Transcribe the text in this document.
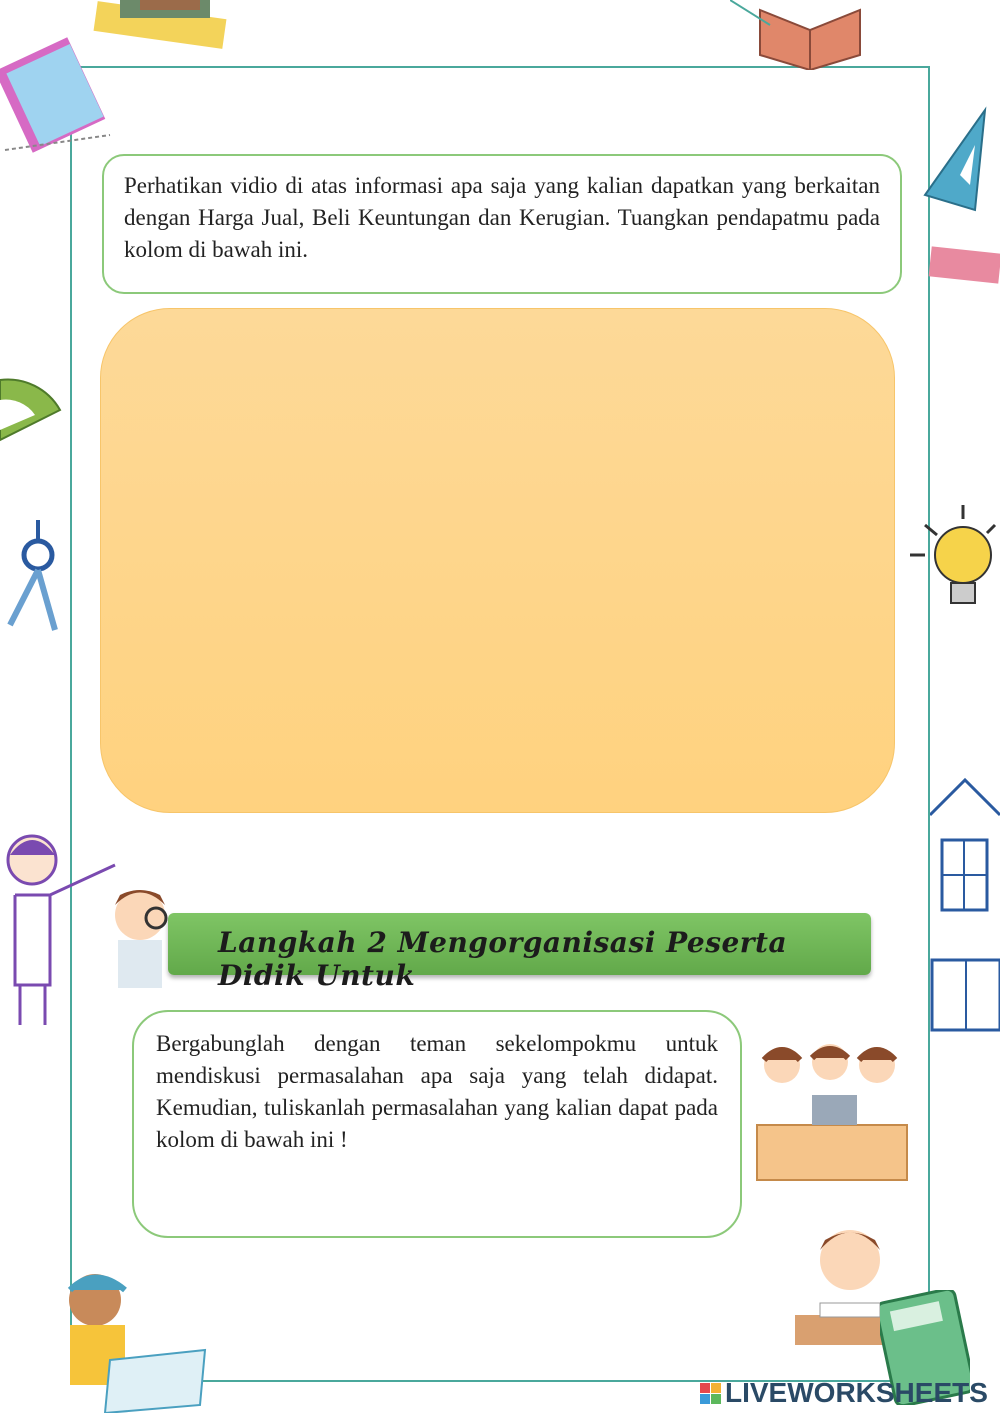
Perhatikan vidio di atas informasi apa saja yang kalian dapatkan yang berkaitan dengan Harga Jual, Beli Keuntungan dan Kerugian. Tuangkan pendapatmu pada kolom di bawah ini.

Langkah 2 Mengorganisasi Peserta Didik Untuk

Bergabunglah dengan teman sekelompokmu untuk mendiskusi permasalahan apa saja yang telah didapat. Kemudian, tuliskanlah permasalahan yang kalian dapat pada kolom di bawah ini !

LIVEWORKSHEETS
